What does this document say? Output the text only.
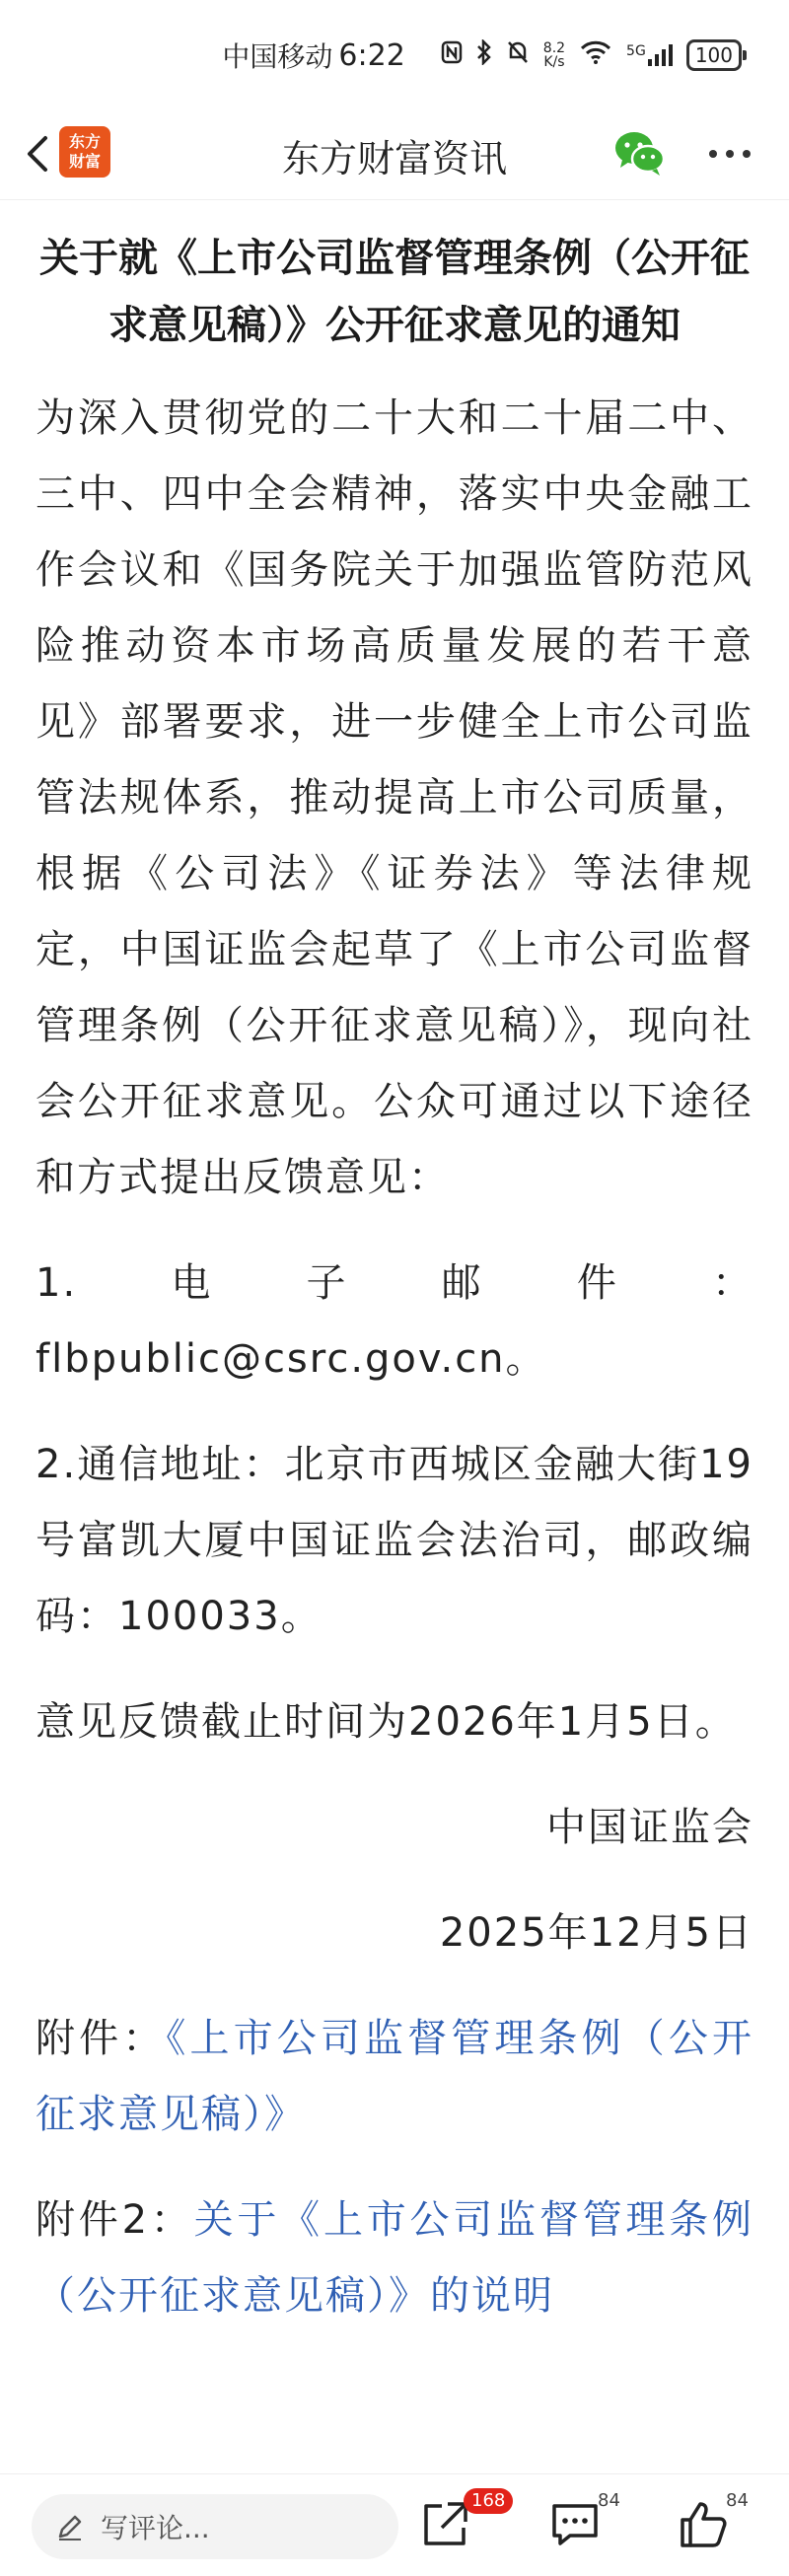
中国移动 6:22	8.2
K/s
5G	100
东方
财富	东方财富资讯
关于就《上市公司监督管理条例（公开征求意见稿）》公开征求意见的通知

为深入贯彻党的二十大和二十届二中、三中、四中全会精神，落实中央金融工作会议和《国务院关于加强监管防范风险推动资本市场高质量发展的若干意见》部署要求，进一步健全上市公司监管法规体系，推动提高上市公司质量，根据《公司法》《证券法》等法律规定，中国证监会起草了《上市公司监督管理条例（公开征求意见稿）》，现向社会公开征求意见。公众可通过以下途径和方式提出反馈意见：

1.电子邮件：flbpublic@csrc.gov.cn。

2.通信地址：北京市西城区金融大街19号富凯大厦中国证监会法治司，邮政编码：100033。

意见反馈截止时间为2026年1月5日。

中国证监会

2025年12月5日

附件：《上市公司监督管理条例（公开征求意见稿）》

附件2：关于《上市公司监督管理条例（公开征求意见稿）》的说明

写评论...
168	84	84
